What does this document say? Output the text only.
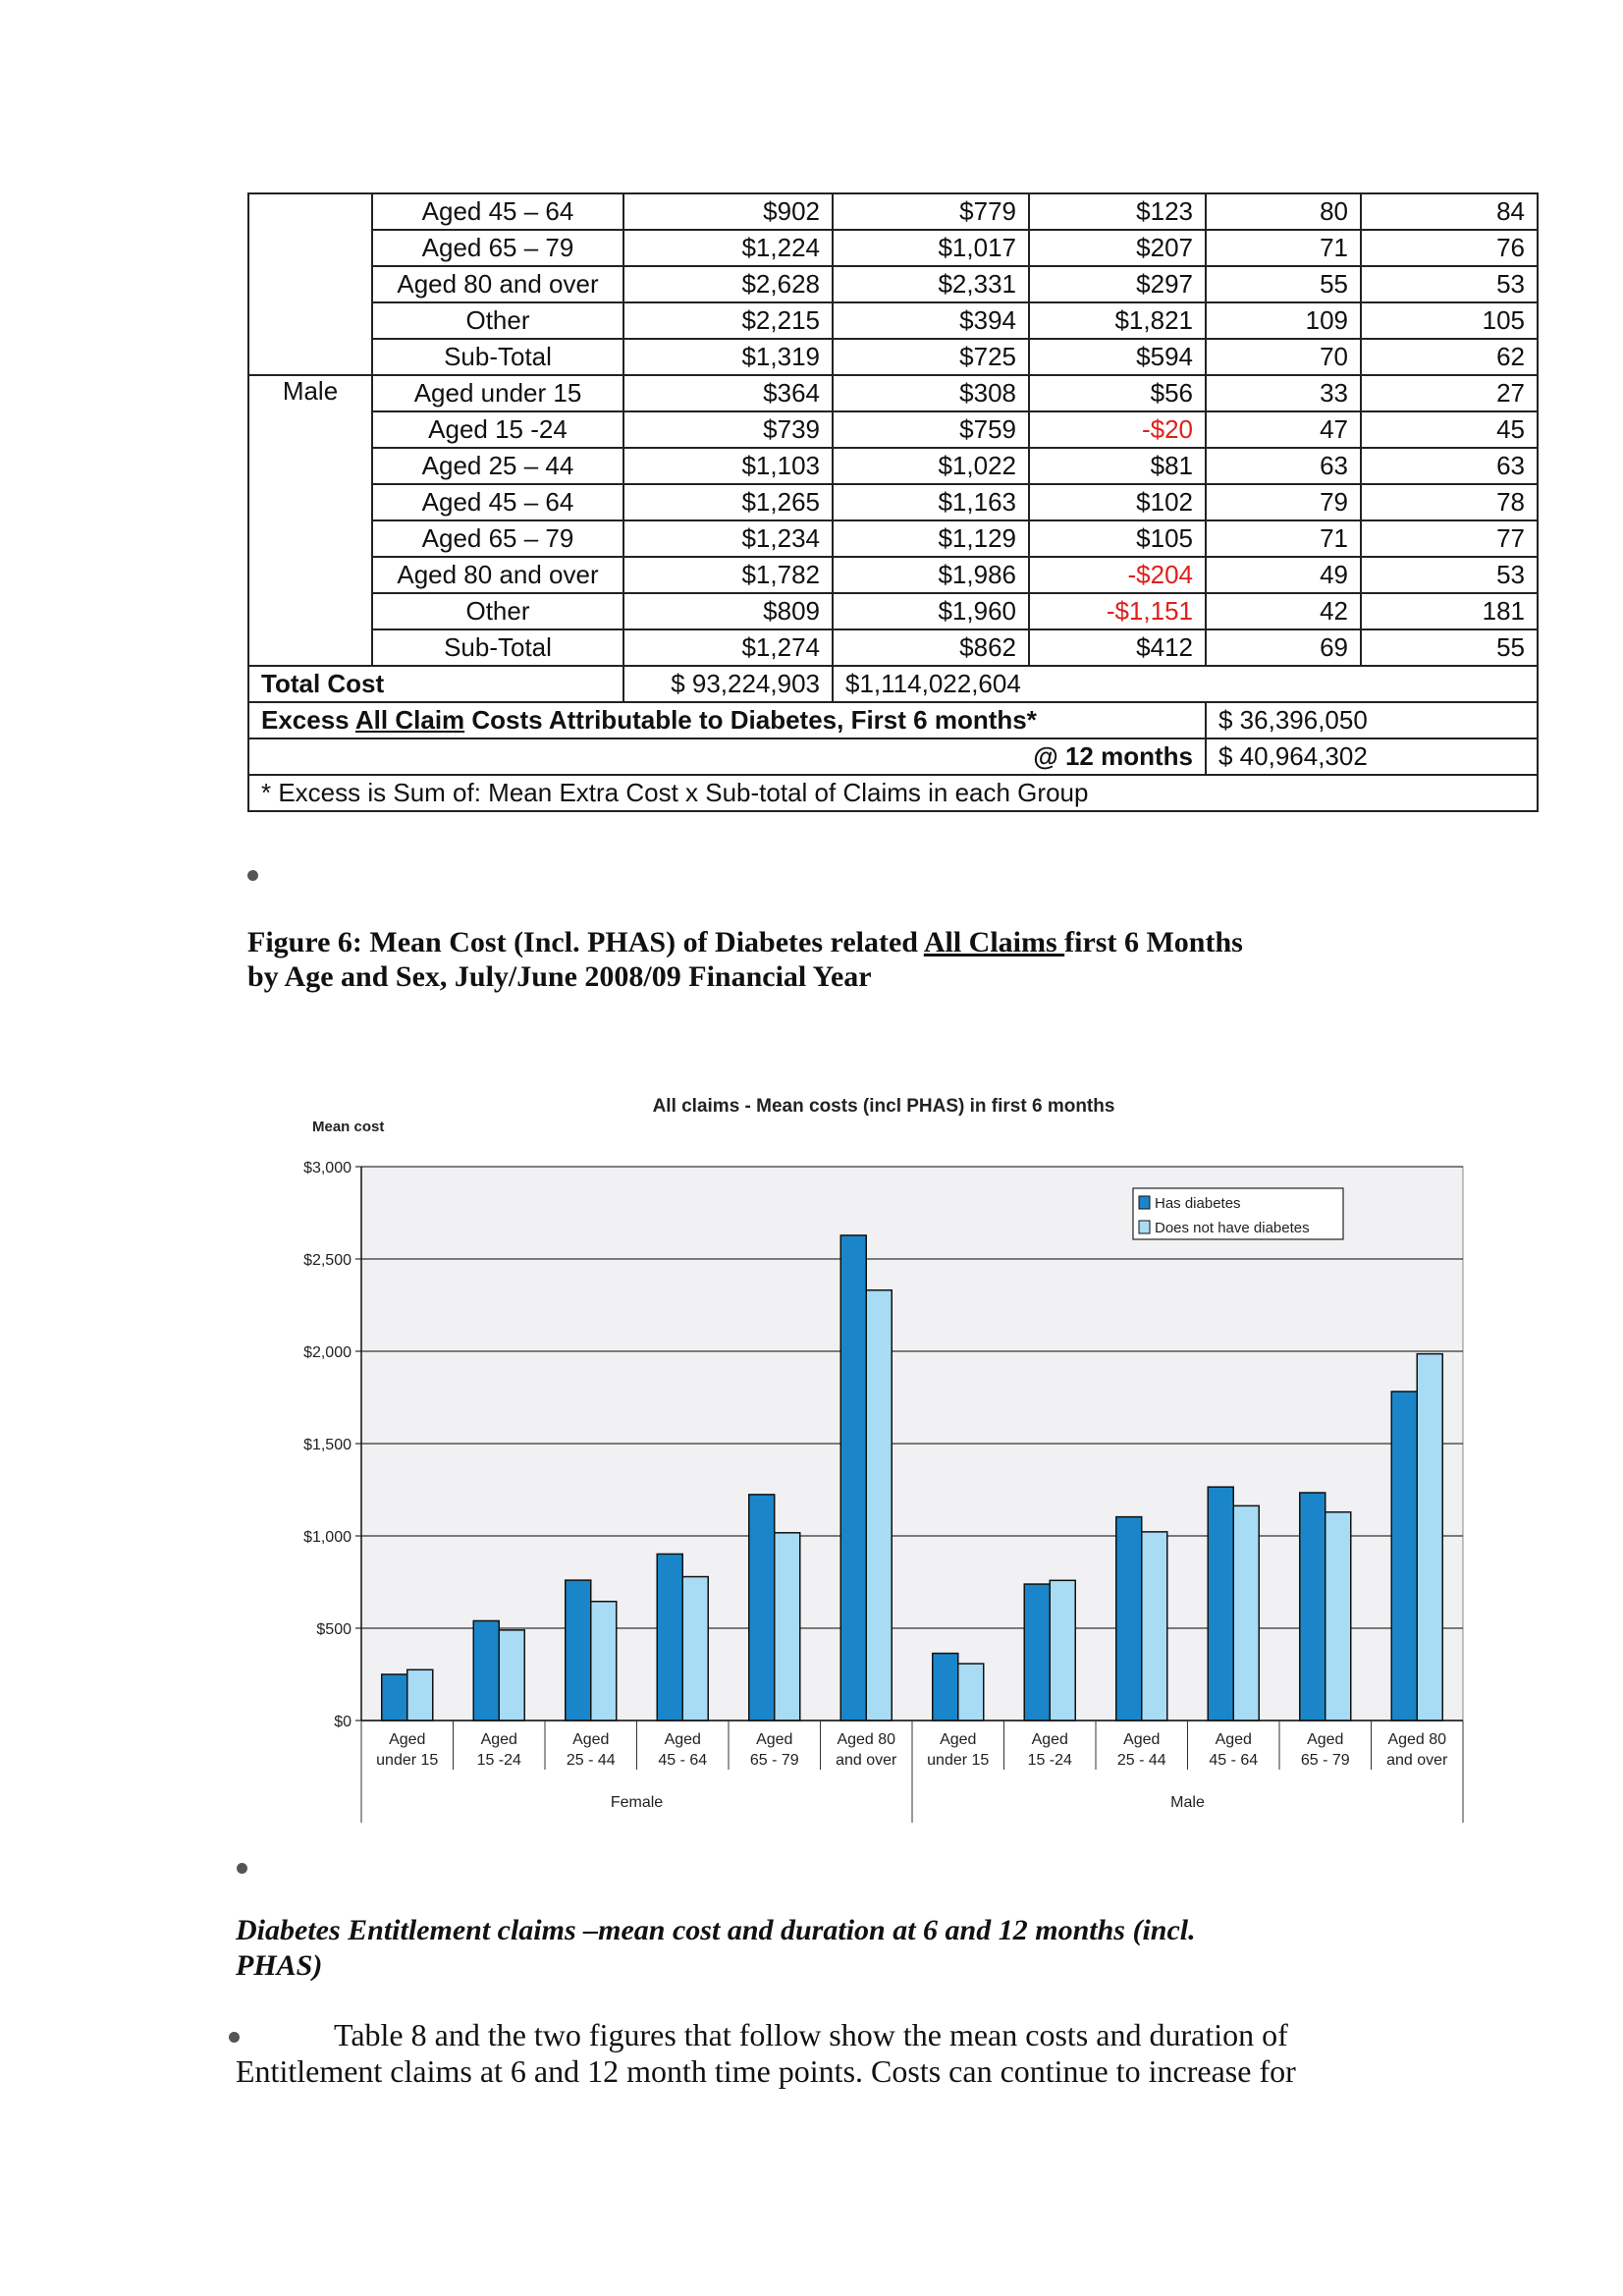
	Aged 45 – 64	$902	$779	$123	80	84
	Aged 65 – 79	$1,224	$1,017	$207	71	76
	Aged 80 and over	$2,628	$2,331	$297	55	53
	Other	$2,215	$394	$1,821	109	105
	Sub-Total	$1,319	$725	$594	70	62
Male	Aged under 15	$364	$308	$56	33	27
	Aged 15 -24	$739	$759	-$20	47	45
	Aged 25 – 44	$1,103	$1,022	$81	63	63
	Aged 45 – 64	$1,265	$1,163	$102	79	78
	Aged 65 – 79	$1,234	$1,129	$105	71	77
	Aged 80 and over	$1,782	$1,986	-$204	49	53
	Other	$809	$1,960	-$1,151	42	181
	Sub-Total	$1,274	$862	$412	69	55
Total Cost		$ 93,224,903	$1,114,022,604			
Excess All Claim Costs Attributable to Diabetes, First 6 months*					$ 36,396,050	
@ 12 months					$ 40,964,302	
* Excess is Sum of: Mean Extra Cost x Sub-total of Claims in each Group						
Figure 6: Mean Cost (Incl. PHAS) of Diabetes related All Claims first 6 Months
by Age and Sex, July/June 2008/09 Financial Year
All claims - Mean costs (incl PHAS) in first 6 months
Mean cost
$0
$500
$1,000
$1,500
$2,000
$2,500
$3,000
Aged
under 15
Aged
15 -24
Aged
25 - 44
Aged
45 - 64
Aged
65 - 79
Aged 80
and over
Aged
under 15
Aged
15 -24
Aged
25 - 44
Aged
45 - 64
Aged
65 - 79
Aged 80
and over
Female	Male
Has diabetes
Does not have diabetes
Diabetes Entitlement claims –mean cost and duration at 6 and 12 months (incl.
PHAS)
Table 8 and the two figures that follow show the mean costs and duration of
Entitlement claims at 6 and 12 month time points. Costs can continue to increase for
